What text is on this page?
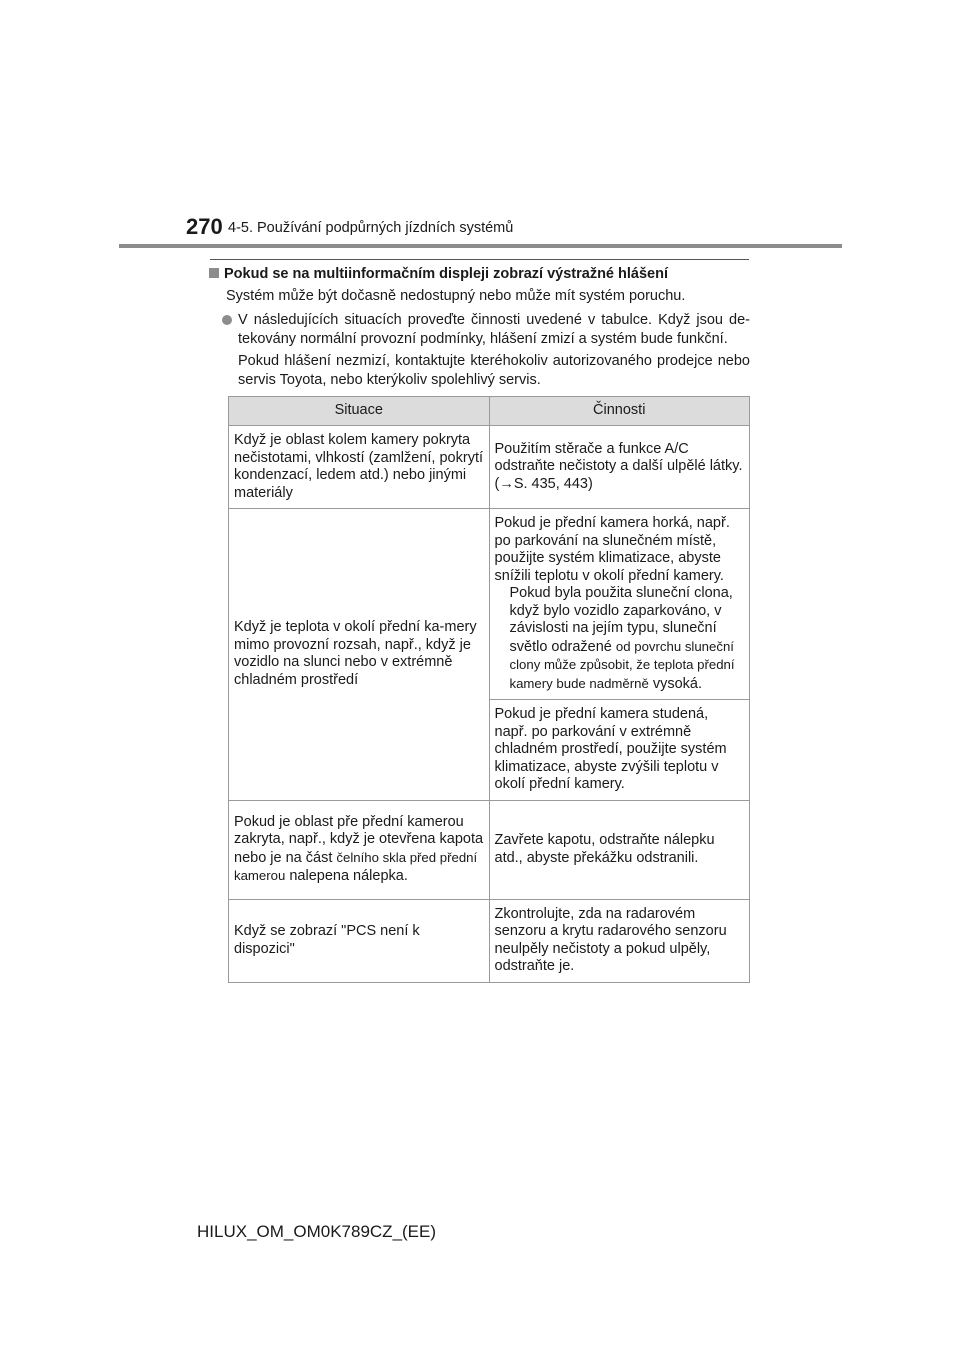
270 4-5. Používání podpůrných jízdních systémů
Pokud se na multiinformačním displeji zobrazí výstražné hlášení
Systém může být dočasně nedostupný nebo může mít systém poruchu.
V následujících situacích proveďte činnosti uvedené v tabulce. Když jsou de-tekovány normální provozní podmínky, hlášení zmizí a systém bude funkční.
Pokud hlášení nezmizí, kontaktujte kteréhokoliv autorizovaného prodejce nebo servis Toyota, nebo kterýkoliv spolehlivý servis.
Situace	Činnosti
Když je oblast kolem kamery pokryta nečistotami, vlhkostí (zamlžení, pokrytí kondenzací, ledem atd.) nebo jinými materiály	Použitím stěrače a funkce A/C odstraňte nečistoty a další ulpělé látky.
(→S. 435, 443)
Když je teplota v okolí přední ka-mery mimo provozní rozsah, např., když je vozidlo na slunci nebo v extrémně chladném prostředí	Pokud je přední kamera horká, např. po parkování na slunečném místě, použijte systém klimatizace, abyste snížili teplotu v okolí přední kamery.
Pokud byla použita sluneční clona, když bylo vozidlo zaparkováno, v závislosti na jejím typu, sluneční světlo odražené od povrchu sluneční clony může způsobit, že teplota přední kamery bude nadměrně vysoká.

	Pokud je přední kamera studená, např. po parkování v extrémně chladném prostředí, použijte systém klimatizace, abyste zvýšili teplotu v okolí přední kamery.
Pokud je oblast pře přední kamerou zakryta, např., když je otevřena kapota nebo je na část čelního skla před přední kamerou nalepena nálepka.	Zavřete kapotu, odstraňte nálepku atd., abyste překážku odstranili.
Když se zobrazí "PCS není k dispozici"	Zkontrolujte, zda na radarovém senzoru a krytu radarového senzoru neulpěly nečistoty a pokud ulpěly, odstraňte je.
HILUX_OM_OM0K789CZ_(EE)
